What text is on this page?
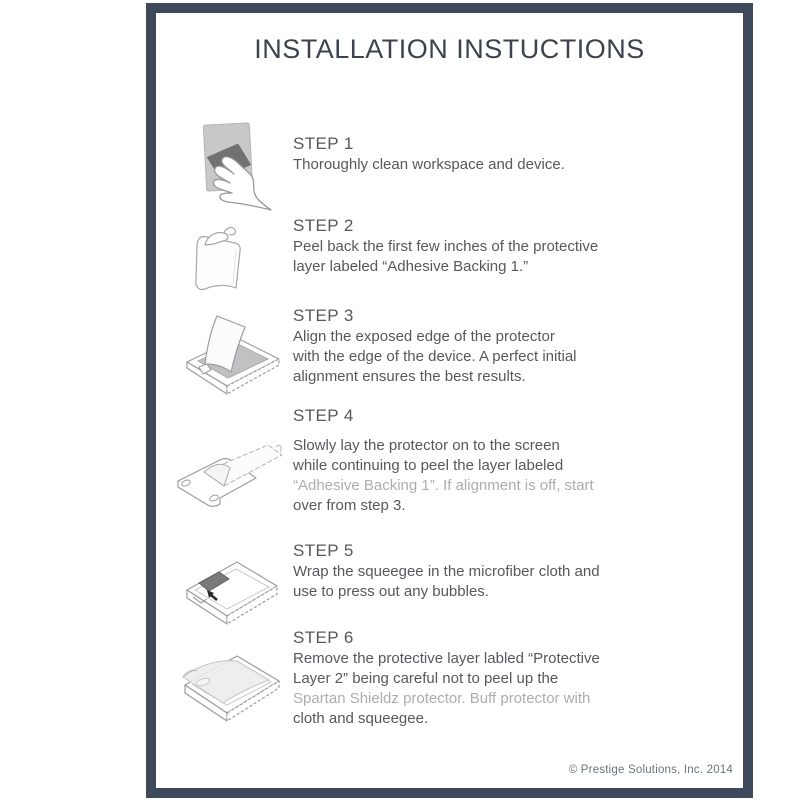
INSTALLATION INSTUCTIONS
STEP 1
Thoroughly clean workspace and device.
STEP 2
Peel back the first few inches of the protective
layer labeled “Adhesive Backing 1.”
STEP 3
Align the exposed edge of the protector
with the edge of the device. A perfect initial
alignment ensures the best results.
STEP 4
Slowly lay the protector on to the screen
while continuing to peel the layer labeled
“Adhesive Backing 1”. If alignment is off, start
over from step 3.
STEP 5
Wrap the squeegee in the microfiber cloth and
use to press out any bubbles.
STEP 6
Remove the protective layer labled “Protective
Layer 2” being careful not to peel up the
Spartan Shieldz protector. Buff protector with
cloth and squeegee.
© Prestige Solutions, Inc. 2014
